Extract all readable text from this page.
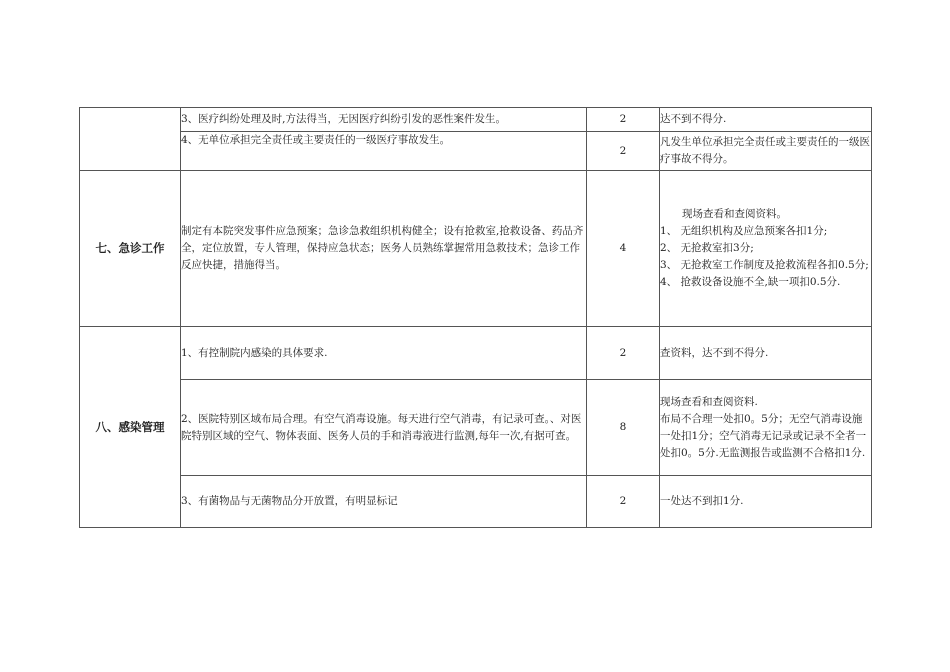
	3、医疗纠纷处理及时,方法得当，无因医疗纠纷引发的恶性案件发生。	2	达不到不得分.
	4、无单位承担完全责任或主要责任的一级医疗事故发生。	2	凡发生单位承担完全责任或主要责任的一级医疗事故不得分。
七、急诊工作	制定有本院突发事件应急预案；急诊急救组织机构健全；设有抢救室,抢救设备、药品齐全，定位放置，专人管理，保持应急状态；医务人员熟练掌握常用急救技术；急诊工作反应快捷，措施得当。	4	现场查看和查阅资料。
1、 无组织机构及应急预案各扣1分;
2、 无抢救室扣3分;
3、 无抢救室工作制度及抢救流程各扣0.5分;
4、 抢救设备设施不全,缺一项扣0.5分.

八、感染管理	1、有控制院内感染的具体要求.	2	查资料，达不到不得分.
	2、医院特别区域布局合理。有空气消毒设施。每天进行空气消毒，有记录可查。、对医院特别区域的空气、物体表面、医务人员的手和消毒液进行监测,每年一次,有据可查。	8	现场查看和查阅资料.
布局不合理一处扣0。5分；无空气消毒设施一处扣1分；空气消毒无记录或记录不全者一处扣0。5分.无监测报告或监测不合格扣1分.

	3、有菌物品与无菌物品分开放置，有明显标记	2	一处达不到扣1分.
